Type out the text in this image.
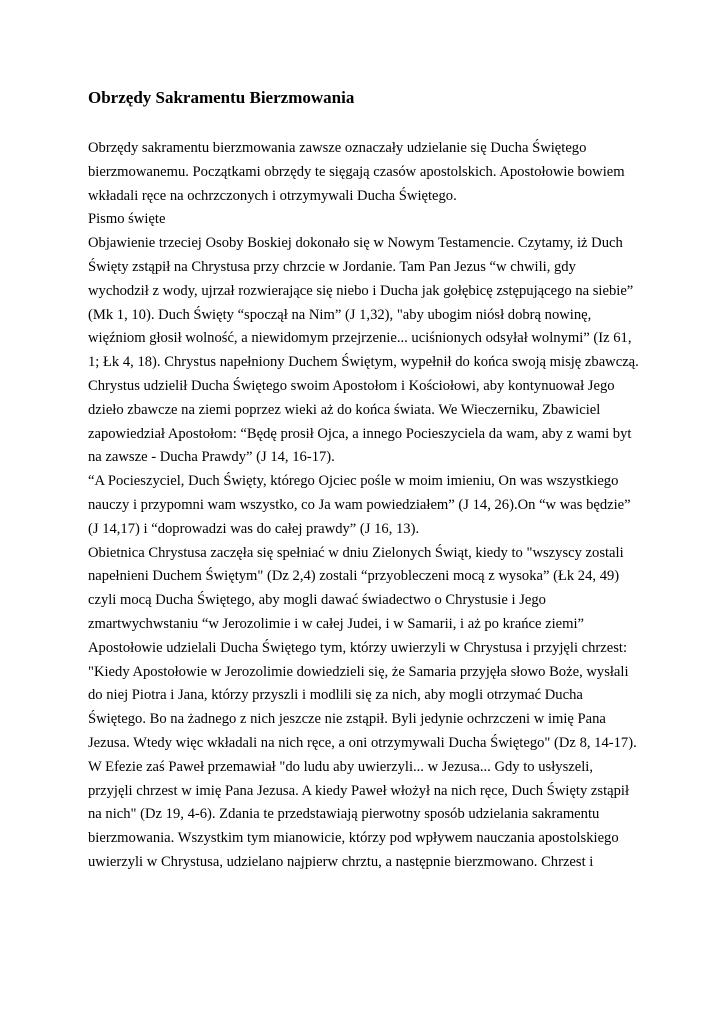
Obrzędy Sakramentu Bierzmowania
Obrzędy sakramentu bierzmowania zawsze oznaczały udzielanie się Ducha Świętego
bierzmowanemu. Początkami obrzędy te sięgają czasów apostolskich. Apostołowie bowiem
wkładali ręce na ochrzczonych i otrzymywali Ducha Świętego.
Pismo święte
Objawienie trzeciej Osoby Boskiej dokonało się w Nowym Testamencie. Czytamy, iż Duch
Święty zstąpił na Chrystusa przy chrzcie w Jordanie. Tam Pan Jezus “w chwili, gdy
wychodził z wody, ujrzał rozwierające się niebo i Ducha jak gołębicę zstępującego na siebie”
(Mk 1, 10). Duch Święty “spoczął na Nim” (J 1,32), "aby ubogim niósł dobrą nowinę,
więźniom głosił wolność, a niewidomym przejrzenie... uciśnionych odsyłał wolnymi” (Iz 61,
1; Łk 4, 18). Chrystus napełniony Duchem Świętym, wypełnił do końca swoją misję zbawczą.
Chrystus udzielił Ducha Świętego swoim Apostołom i Kościołowi, aby kontynuował Jego
dzieło zbawcze na ziemi poprzez wieki aż do końca świata. We Wieczerniku, Zbawiciel
zapowiedział Apostołom: “Będę prosił Ojca, a innego Pocieszyciela da wam, aby z wami byt
na zawsze - Ducha Prawdy” (J 14, 16-17).
“A Pocieszyciel, Duch Święty, którego Ojciec pośle w moim imieniu, On was wszystkiego
nauczy i przypomni wam wszystko, co Ja wam powiedziałem” (J 14, 26).On “w was będzie”
(J 14,17) i “doprowadzi was do całej prawdy” (J 16, 13).
Obietnica Chrystusa zaczęła się spełniać w dniu Zielonych Świąt, kiedy to "wszyscy zostali
napełnieni Duchem Świętym" (Dz 2,4) zostali “przyobleczeni mocą z wysoka” (Łk 24, 49)
czyli mocą Ducha Świętego, aby mogli dawać świadectwo o Chrystusie i Jego
zmartwychwstaniu “w Jerozolimie i w całej Judei, i w Samarii, i aż po krańce ziemi”
Apostołowie udzielali Ducha Świętego tym, którzy uwierzyli w Chrystusa i przyjęli chrzest:
"Kiedy Apostołowie w Jerozolimie dowiedzieli się, że Samaria przyjęła słowo Boże, wysłali
do niej Piotra i Jana, którzy przyszli i modlili się za nich, aby mogli otrzymać Ducha
Świętego. Bo na żadnego z nich jeszcze nie zstąpił. Byli jedynie ochrzczeni w imię Pana
Jezusa. Wtedy więc wkładali na nich ręce, a oni otrzymywali Ducha Świętego" (Dz 8, 14-17).
W Efezie zaś Paweł przemawiał "do ludu aby uwierzyli... w Jezusa... Gdy to usłyszeli,
przyjęli chrzest w imię Pana Jezusa. A kiedy Paweł włożył na nich ręce, Duch Święty zstąpił
na nich" (Dz 19, 4-6). Zdania te przedstawiają pierwotny sposób udzielania sakramentu
bierzmowania. Wszystkim tym mianowicie, którzy pod wpływem nauczania apostolskiego
uwierzyli w Chrystusa, udzielano najpierw chrztu, a następnie bierzmowano. Chrzest i
